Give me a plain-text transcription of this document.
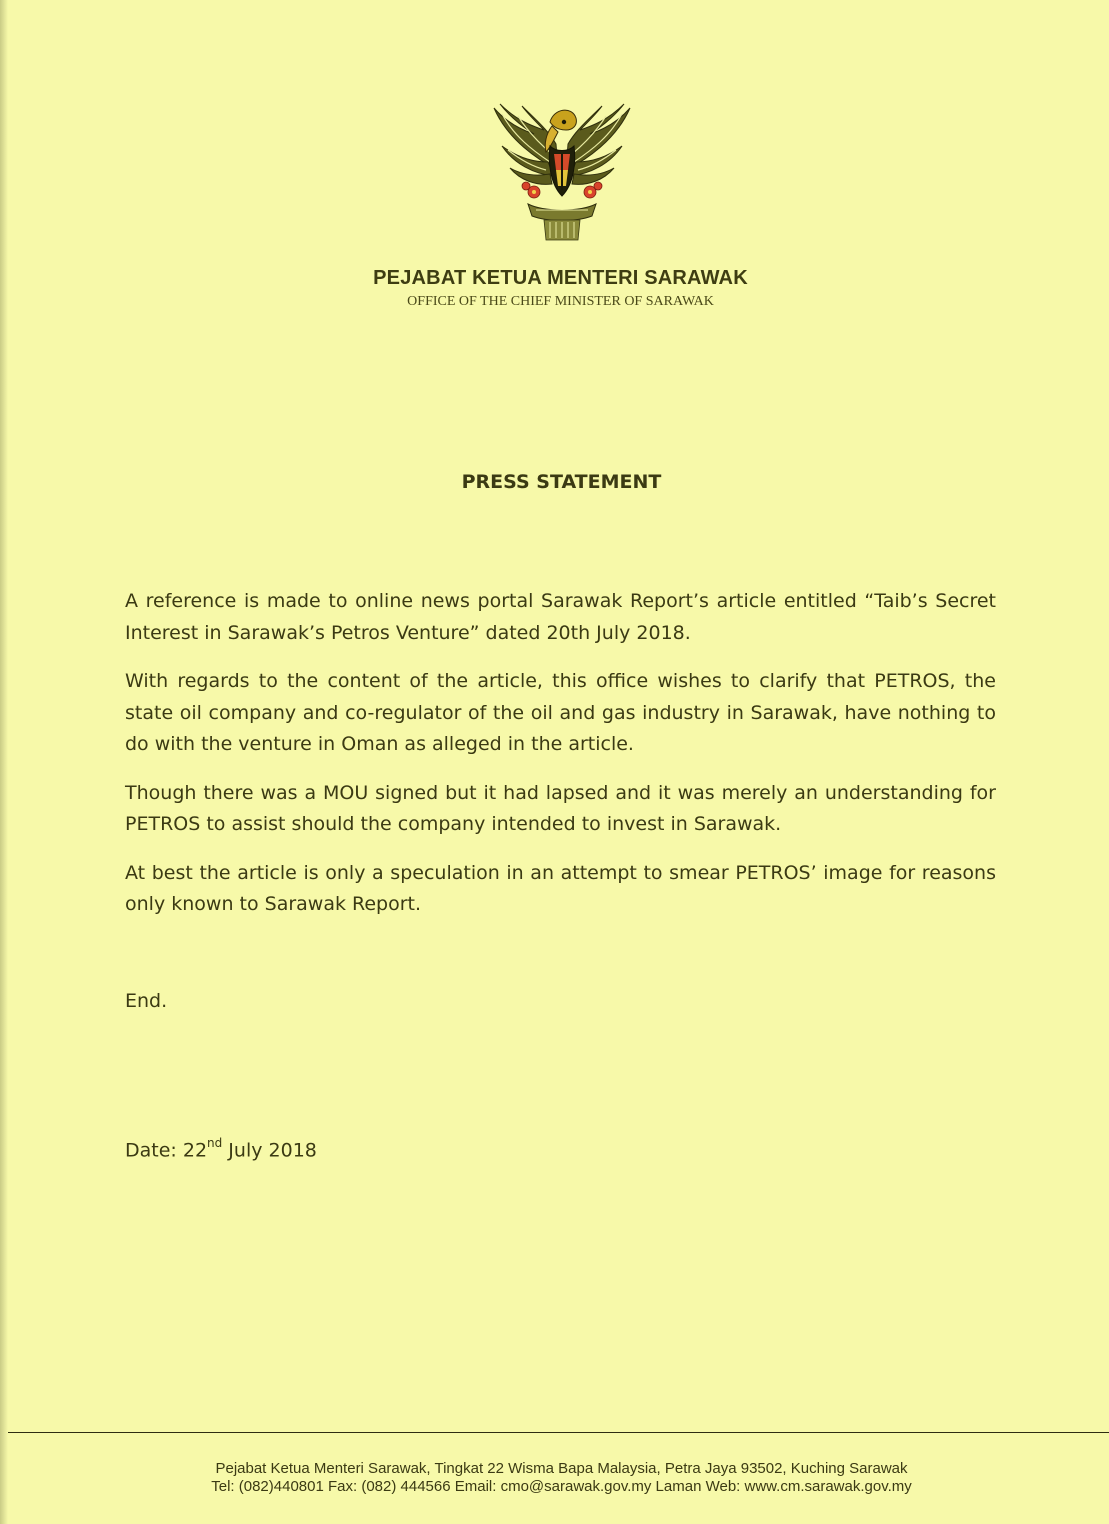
PEJABAT KETUA MENTERI SARAWAK
OFFICE OF THE CHIEF MINISTER OF SARAWAK
PRESS STATEMENT

A reference is made to online news portal Sarawak Report’s article entitled “Taib’s Secret Interest in Sarawak’s Petros Venture” dated 20th July 2018.

With regards to the content of the article, this office wishes to clarify that PETROS, the state oil company and co-regulator of the oil and gas industry in Sarawak, have nothing to do with the venture in Oman as alleged in the article.

Though there was a MOU signed but it had lapsed and it was merely an understanding for PETROS to assist should the company intended to invest in Sarawak.

At best the article is only a speculation in an attempt to smear PETROS’ image for reasons only known to Sarawak Report.

End.
Date: 22nd July 2018
Pejabat Ketua Menteri Sarawak, Tingkat 22 Wisma Bapa Malaysia, Petra Jaya 93502, Kuching Sarawak
Tel: (082)440801 Fax: (082) 444566 Email: cmo@sarawak.gov.my Laman Web: www.cm.sarawak.gov.my
